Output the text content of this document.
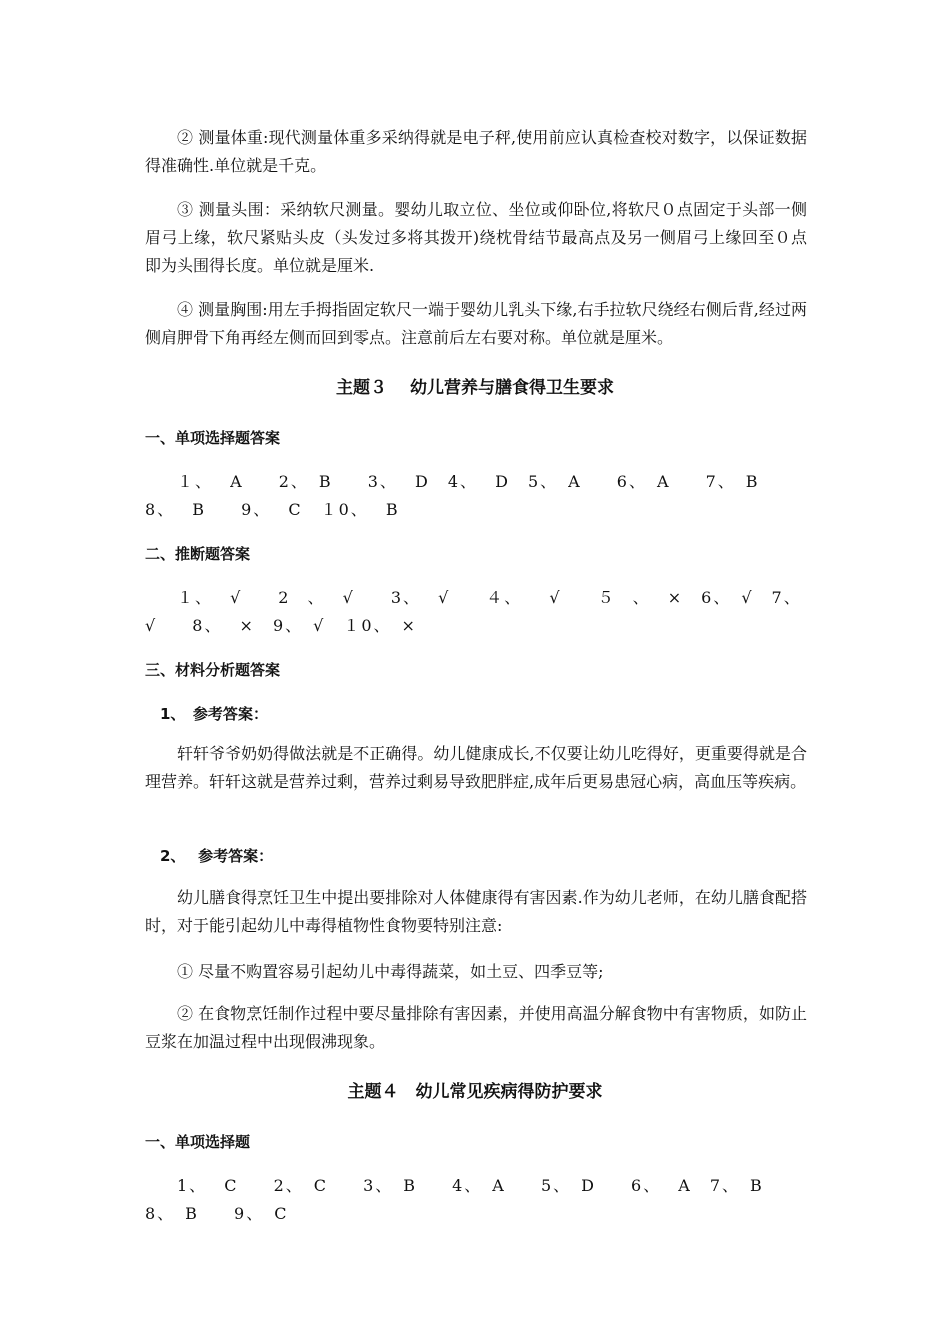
② 测量体重:现代测量体重多采纳得就是电子秤,使用前应认真检查校对数字，以保证数据得准确性.单位就是千克。

③ 测量头围：采纳软尺测量。婴幼儿取立位、坐位或仰卧位,将软尺０点固定于头部一侧眉弓上缘，软尺紧贴头皮（头发过多将其拨开)绕枕骨结节最高点及另一侧眉弓上缘回至０点即为头围得长度。单位就是厘米.

④ 测量胸围:用左手拇指固定软尺一端于婴幼儿乳头下缘,右手拉软尺绕经右侧后背,经过两侧肩胛骨下角再经左侧而回到零点。注意前后左右要对称。单位就是厘米。

主题３　 幼儿营养与膳食得卫生要求

一、单项选择题答案

１、 A　 2、　B　 3、 D　4、 D　5、　A　 6、　A　 7、　B　 8、 B　 9、 C　１0、 B

二、推断题答案

１、 √　　2 、 √　　3、 √　　４、　 √　　５ 、 ×　6、　√　7、　 √　 8、 ×　9、　√　１0、　×

三、材料分析题答案

1、　参考答案：

轩轩爷爷奶奶得做法就是不正确得。幼儿健康成长,不仅要让幼儿吃得好，更重要得就是合理营养。轩轩这就是营养过剩，营养过剩易导致肥胖症,成年后更易患冠心病，高血压等疾病。

2、　 参考答案：

幼儿膳食得烹饪卫生中提出要排除对人体健康得有害因素.作为幼儿老师，在幼儿膳食配搭时，对于能引起幼儿中毒得植物性食物要特别注意:

① 尽量不购置容易引起幼儿中毒得蔬菜，如土豆、四季豆等;

② 在食物烹饪制作过程中要尽量排除有害因素，并使用高温分解食物中有害物质，如防止豆浆在加温过程中出现假沸现象。

主题４　幼儿常见疾病得防护要求

一、单项选择题

1、 C　 2、　C　 3、　B　 4、　A　 5、　D　 6、 A　7、　B　 8、　B　 9、　C
